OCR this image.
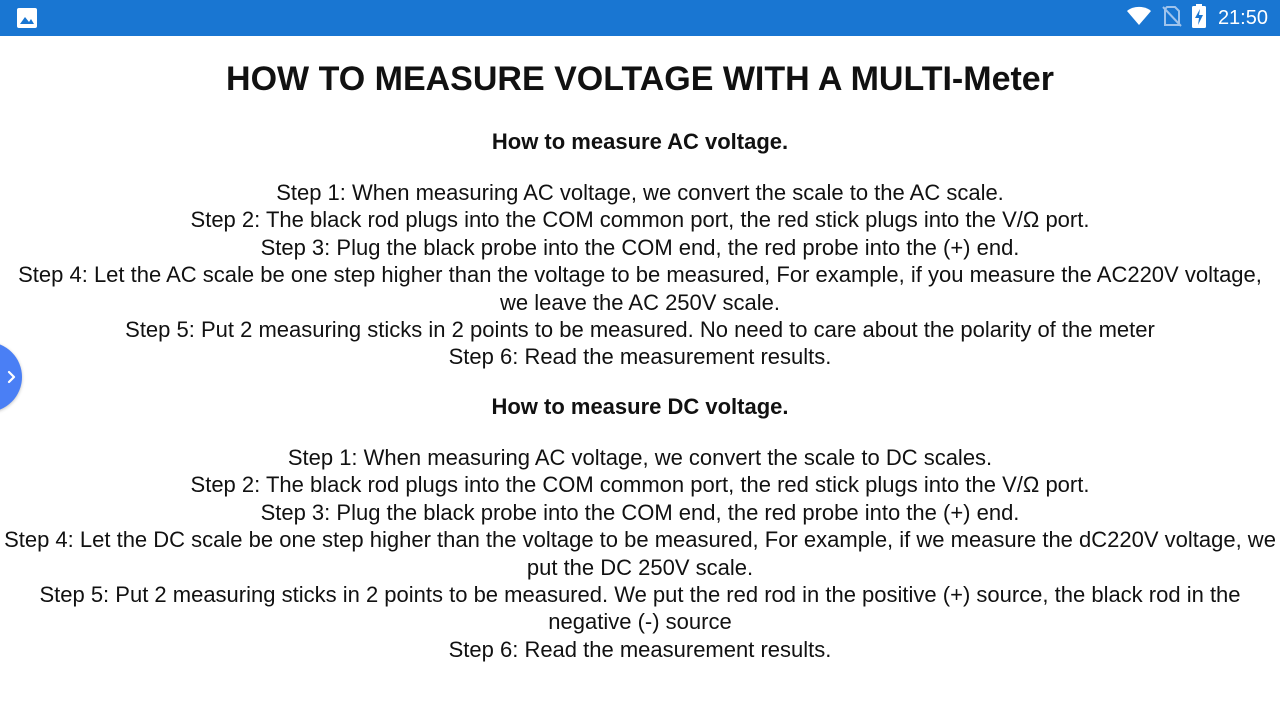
21:50
HOW TO MEASURE VOLTAGE WITH A MULTI-Meter
How to measure AC voltage.
Step 1: When measuring AC voltage, we convert the scale to the AC scale.
Step 2: The black rod plugs into the COM common port, the red stick plugs into the V/Ω port.
Step 3: Plug the black probe into the COM end, the red probe into the (+) end.
Step 4: Let the AC scale be one step higher than the voltage to be measured, For example, if you measure the AC220V voltage, we leave the AC 250V scale.
Step 5: Put 2 measuring sticks in 2 points to be measured. No need to care about the polarity of the meter
Step 6: Read the measurement results.
How to measure DC voltage.
Step 1: When measuring AC voltage, we convert the scale to DC scales.
Step 2: The black rod plugs into the COM common port, the red stick plugs into the V/Ω port.
Step 3: Plug the black probe into the COM end, the red probe into the (+) end.
Step 4: Let the DC scale be one step higher than the voltage to be measured, For example, if we measure the dC220V voltage, we put the DC 250V scale.
Step 5: Put 2 measuring sticks in 2 points to be measured. We put the red rod in the positive (+) source, the black rod in the negative (-) source
Step 6: Read the measurement results.
